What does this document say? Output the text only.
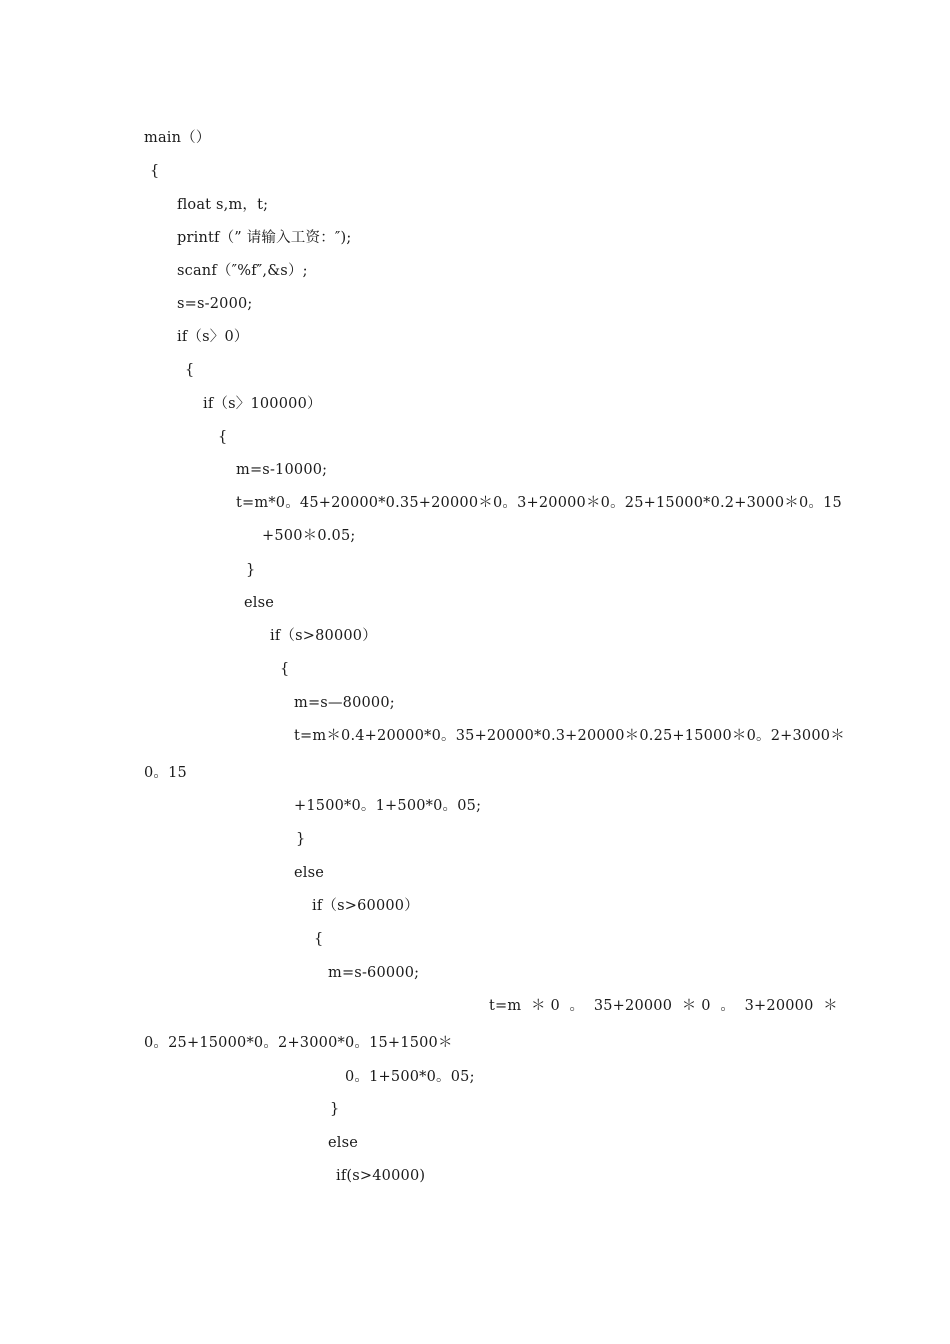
main（）
{
float s,m，t;
printf（” 请输入工资：″);
scanf（″%f″,&s）;
s=s-2000;
if（s〉0）
{
if（s〉100000）
{
m=s-10000;
t=m*0。45+20000*0.35+20000＊0。3+20000＊0。25+15000*0.2+3000＊0。15
+500＊0.05;
}
else
if（s>80000）
{
m=s—80000;
t=m＊0.4+20000*0。35+20000*0.3+20000＊0.25+15000＊0。2+3000＊
0。15
+1500*0。1+500*0。05;
}
else
if（s>60000）
{
m=s-60000;
t=m  ＊ 0  。  35+20000  ＊ 0  。  3+20000  ＊
0。25+15000*0。2+3000*0。15+1500＊
0。1+500*0。05;
}
else
if(s>40000)
